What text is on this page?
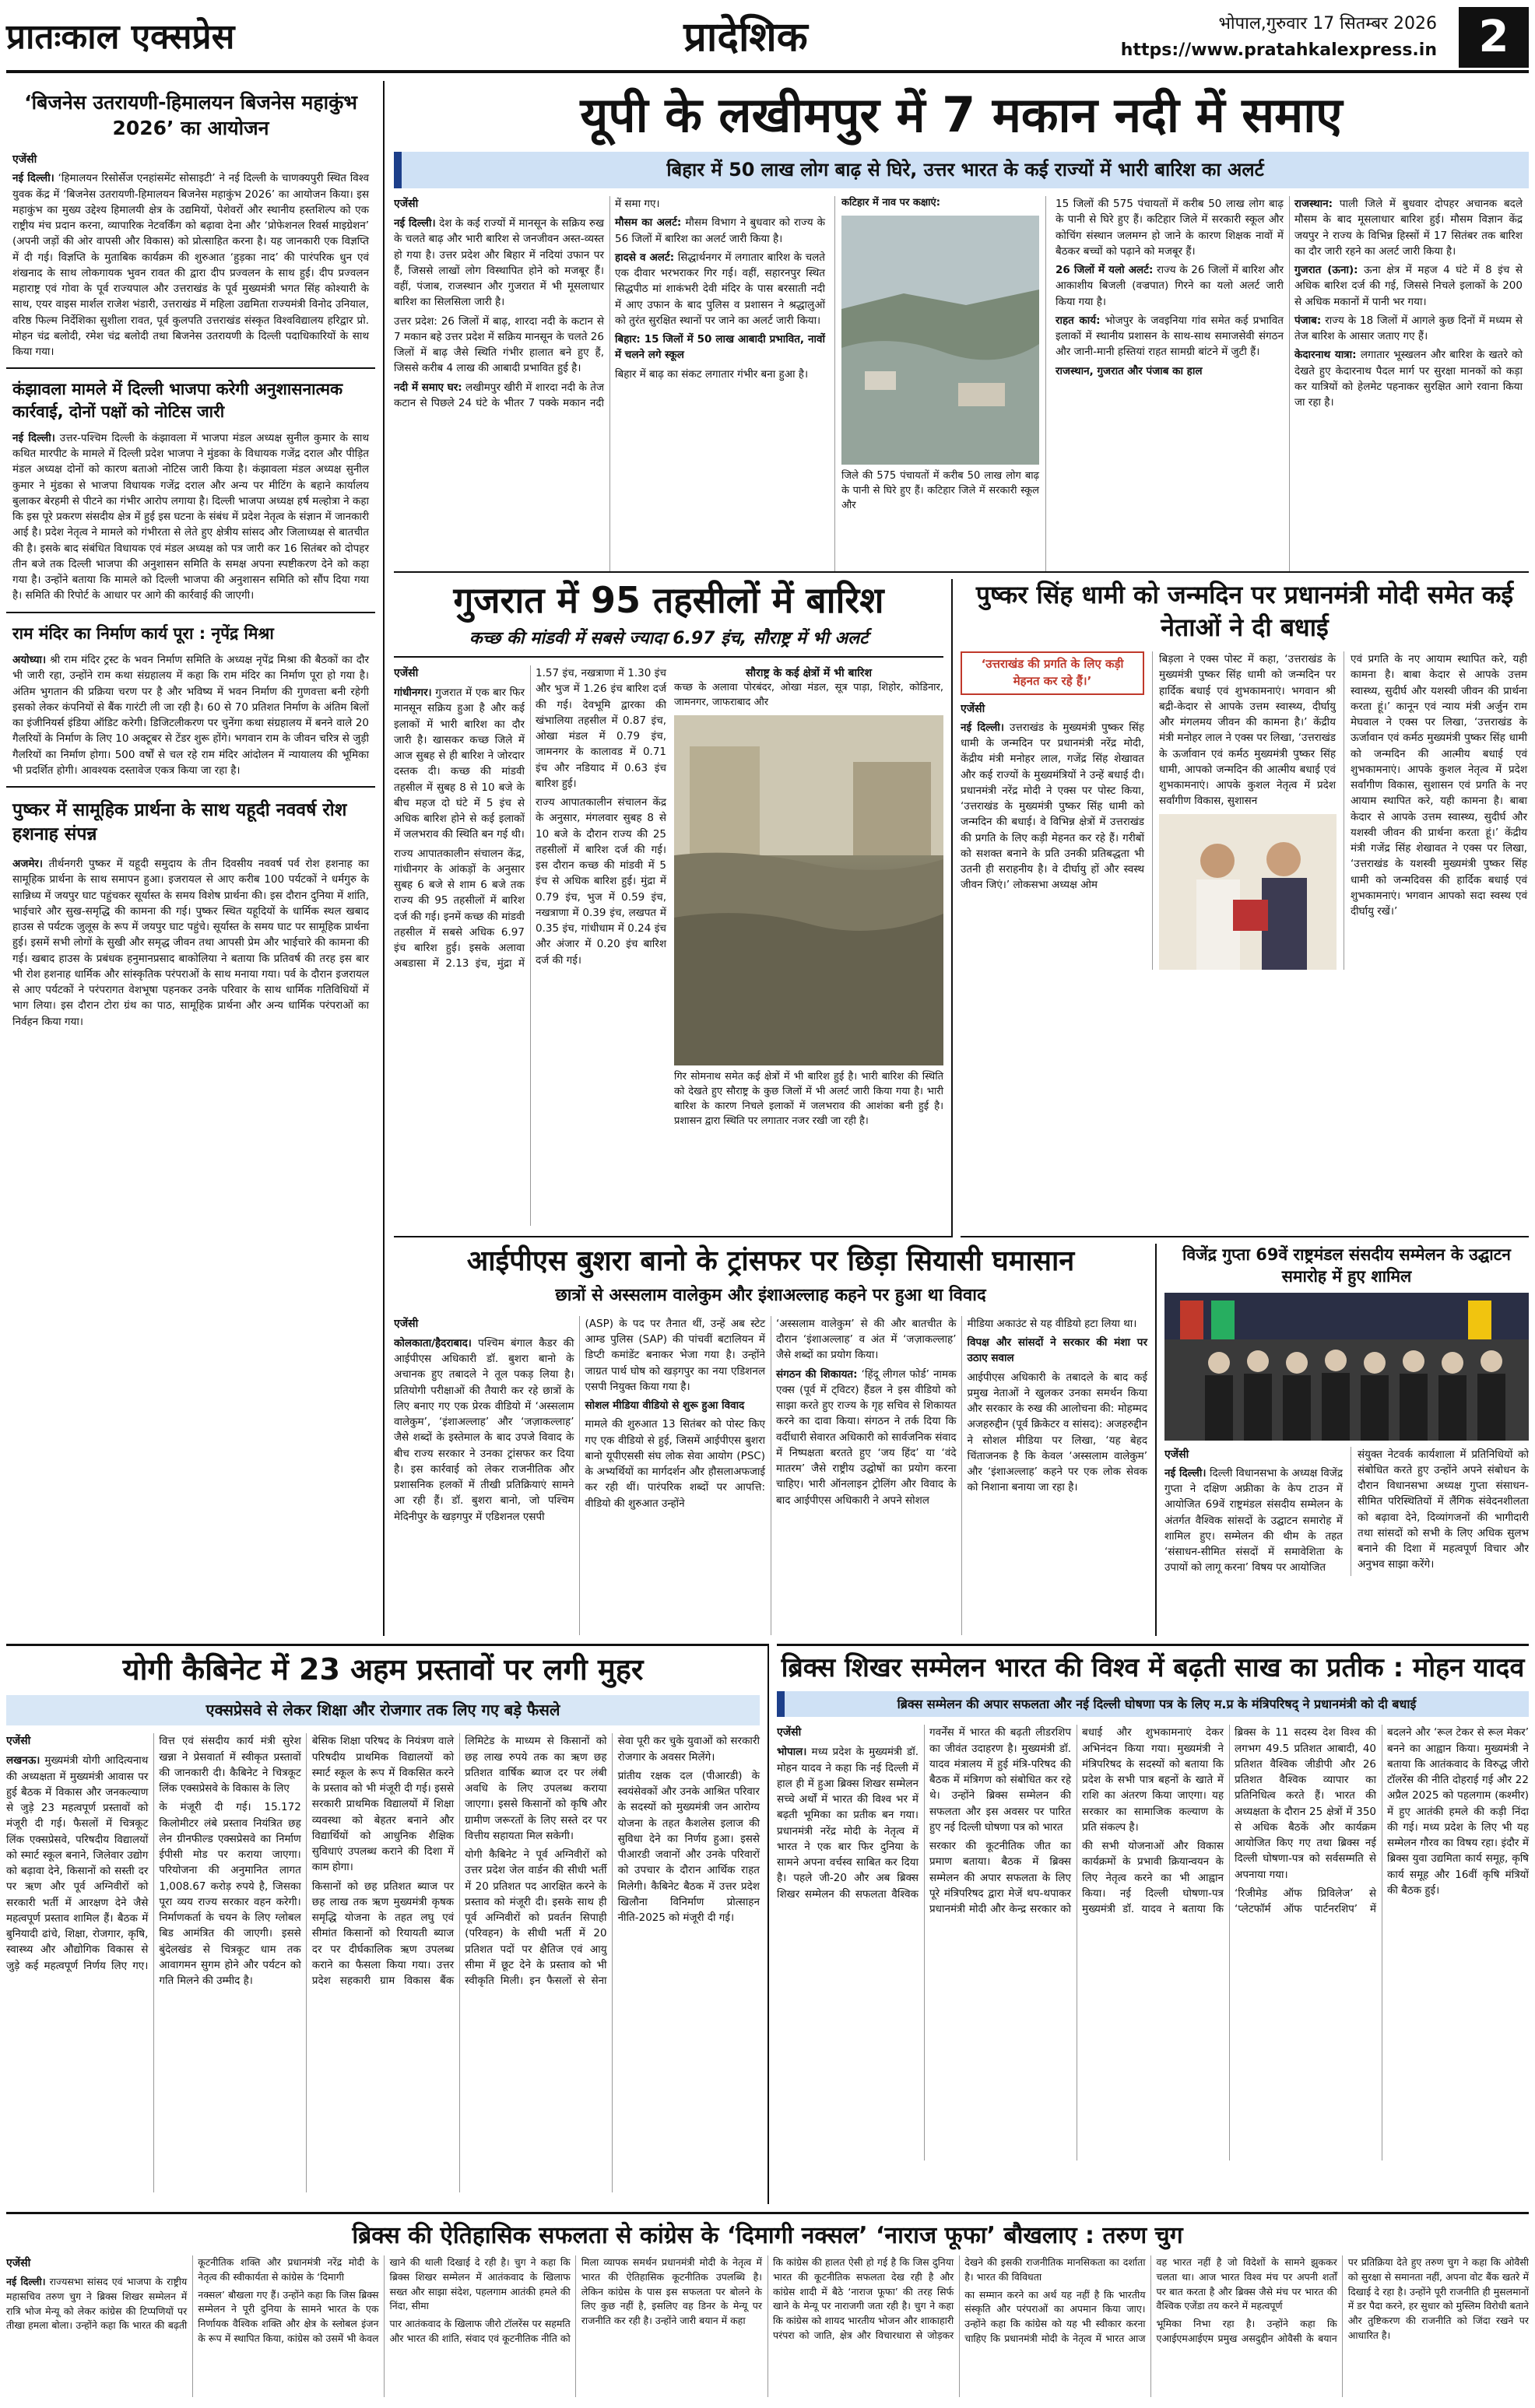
प्रातःकाल एक्सप्रेस	प्रादेशिक	भोपाल,गुरुवार 17 सितम्बर 2026
https://www.pratahkalexpress.in 2
‘बिजनेस उतरायणी-हिमालयन बिजनेस महाकुंभ 2026’ का आयोजन
एजेंसी

नई दिल्ली। ‘हिमालयन रिसोर्सेज एनहांसमेंट सोसाइटी’ ने नई दिल्ली के चाणक्यपुरी स्थित विश्व युवक केंद्र में ‘बिजनेस उतरायणी-हिमालयन बिजनेस महाकुंभ 2026’ का आयोजन किया। इस महाकुंभ का मुख्य उद्देश्य हिमालयी क्षेत्र के उद्यमियों, पेशेवरों और स्थानीय हस्तशिल्प को एक राष्ट्रीय मंच प्रदान करना, व्यापारिक नेटवर्किंग को बढ़ावा देना और ‘प्रोफेशनल रिवर्स माइग्रेशन’ (अपनी जड़ों की ओर वापसी और विकास) को प्रोत्साहित करना है। यह जानकारी एक विज्ञप्ति में दी गई। विज्ञप्ति के मुताबिक कार्यक्रम की शुरुआत ‘हुड़का नाद’ की पारंपरिक धुन एवं शंखनाद के साथ लोकगायक भुवन रावत की द्वारा दीप प्रज्वलन के साथ हुई। दीप प्रज्वलन महाराष्ट्र एवं गोवा के पूर्व राज्यपाल और उत्तराखंड के पूर्व मुख्यमंत्री भगत सिंह कोश्यारी के साथ, एयर वाइस मार्शल राजेश भंडारी, उत्तराखंड में महिला उद्यमिता राज्यमंत्री विनोद उनियाल, वरिष्ठ फिल्म निर्देशिका सुशीला रावत, पूर्व कुलपति उत्तराखंड संस्कृत विश्वविद्यालय हरिद्वार प्रो. मोहन चंद्र बलोदी, रमेश चंद्र बलोदी तथा बिजनेस उतरायणी के दिल्ली पदाधिकारियों के साथ किया गया।

कंझावला मामले में दिल्ली भाजपा करेगी अनुशासनात्मक कार्रवाई, दोनों पक्षों को नोटिस जारी

नई दिल्ली। उत्तर-पश्चिम दिल्ली के कंझावला में भाजपा मंडल अध्यक्ष सुनील कुमार के साथ कथित मारपीट के मामले में दिल्ली प्रदेश भाजपा ने मुंडका के विधायक गजेंद्र दराल और पीड़ित मंडल अध्यक्ष दोनों को कारण बताओ नोटिस जारी किया है। कंझावला मंडल अध्यक्ष सुनील कुमार ने मुंडका से भाजपा विधायक गजेंद्र दराल और अन्य पर मीटिंग के बहाने कार्यालय बुलाकर बेरहमी से पीटने का गंभीर आरोप लगाया है। दिल्ली भाजपा अध्यक्ष हर्ष मल्होत्रा ने कहा कि इस पूरे प्रकरण संसदीय क्षेत्र में हुई इस घटना के संबंध में प्रदेश नेतृत्व के संज्ञान में जानकारी आई है। प्रदेश नेतृत्व ने मामले को गंभीरता से लेते हुए क्षेत्रीय सांसद और जिलाध्यक्ष से बातचीत की है। इसके बाद संबंधित विधायक एवं मंडल अध्यक्ष को पत्र जारी कर 16 सितंबर को दोपहर तीन बजे तक दिल्ली भाजपा की अनुशासन समिति के समक्ष अपना स्पष्टीकरण देने को कहा गया है। उन्होंने बताया कि मामले को दिल्ली भाजपा की अनुशासन समिति को सौंप दिया गया है। समिति की रिपोर्ट के आधार पर आगे की कार्रवाई की जाएगी।

राम मंदिर का निर्माण कार्य पूरा : नृपेंद्र मिश्रा

अयोध्या। श्री राम मंदिर ट्रस्ट के भवन निर्माण समिति के अध्यक्ष नृपेंद्र मिश्रा की बैठकों का दौर भी जारी रहा, उन्होंने राम कथा संग्रहालय में कहा कि राम मंदिर का निर्माण पूरा हो गया है। अंतिम भुगतान की प्रक्रिया चरण पर है और भविष्य में भवन निर्माण की गुणवत्ता बनी रहेगी इसको लेकर कंपनियों से बैंक गारंटी ली जा रही है। 60 से 70 प्रतिशत निर्माण के अंतिम बिलों का इंजीनियर्स इंडिया ऑडिट करेगी। डिजिटलीकरण पर चुनेंगा कथा संग्रहालय में बनने वाले 20 गैलरियों के निर्माण के लिए 10 अक्टूबर से टेंडर शुरू होंगे। भगवान राम के जीवन चरित्र से जुड़ी गैलरियों का निर्माण होगा। 500 वर्षों से चल रहे राम मंदिर आंदोलन में न्यायालय की भूमिका भी प्रदर्शित होगी। आवश्यक दस्तावेज एकत्र किया जा रहा है।

पुष्कर में सामूहिक प्रार्थना के साथ यहूदी नववर्ष रोश हशनाह संपन्न

अजमेर। तीर्थनगरी पुष्कर में यहूदी समुदाय के तीन दिवसीय नववर्ष पर्व रोश हशनाह का सामूहिक प्रार्थना के साथ समापन हुआ। इजरायल से आए करीब 100 पर्यटकों ने धर्मगुरु के सान्निध्य में जयपुर घाट पहुंचकर सूर्यास्त के समय विशेष प्रार्थना की। इस दौरान दुनिया में शांति, भाईचारे और सुख-समृद्धि की कामना की गई। पुष्कर स्थित यहूदियों के धार्मिक स्थल खबाद हाउस से पर्यटक जुलूस के रूप में जयपुर घाट पहुंचे। सूर्यास्त के समय घाट पर सामूहिक प्रार्थना हुई। इसमें सभी लोगों के सुखी और समृद्ध जीवन तथा आपसी प्रेम और भाईचारे की कामना की गई। खबाद हाउस के प्रबंधक हनुमानप्रसाद बाकोलिया ने बताया कि प्रतिवर्ष की तरह इस बार भी रोश हशनाह धार्मिक और सांस्कृतिक परंपराओं के साथ मनाया गया। पर्व के दौरान इजरायल से आए पर्यटकों ने परंपरागत वेशभूषा पहनकर उनके परिवार के साथ धार्मिक गतिविधियों में भाग लिया। इस दौरान टोरा ग्रंथ का पाठ, सामूहिक प्रार्थना और अन्य धार्मिक परंपराओं का निर्वहन किया गया।

यूपी के लखीमपुर में 7 मकान नदी में समाए
बिहार में 50 लाख लोग बाढ़ से घिरे, उत्तर भारत के कई राज्यों में भारी बारिश का अलर्ट

एजेंसी

नई दिल्ली। देश के कई राज्यों में मानसून के सक्रिय रुख के चलते बाढ़ और भारी बारिश से जनजीवन अस्त-व्यस्त हो गया है। उत्तर प्रदेश और बिहार में नदियां उफान पर हैं, जिससे लाखों लोग विस्थापित होने को मजबूर हैं। वहीं, पंजाब, राजस्थान और गुजरात में भी मूसलाधार बारिश का सिलसिला जारी है।

उत्तर प्रदेश: 26 जिलों में बाढ़, शारदा नदी के कटान से 7 मकान बहे उत्तर प्रदेश में सक्रिय मानसून के चलते 26 जिलों में बाढ़ जैसे स्थिति गंभीर हालात बने हुए हैं, जिससे करीब 4 लाख की आबादी प्रभावित हुई है।

नदी में समाए घर: लखीमपुर खीरी में शारदा नदी के तेज कटान से पिछले 24 घंटे के भीतर 7 पक्के मकान नदी में समा गए।

मौसम का अलर्ट: मौसम विभाग ने बुधवार को राज्य के 56 जिलों में बारिश का अलर्ट जारी किया है।

हादसे व अलर्ट: सिद्धार्थनगर में लगातार बारिश के चलते एक दीवार भरभराकर गिर गई। वहीं, सहारनपुर स्थित सिद्धपीठ मां शाकंभरी देवी मंदिर के पास बरसाती नदी में आए उफान के बाद पुलिस व प्रशासन ने श्रद्धालुओं को तुरंत सुरक्षित स्थानों पर जाने का अलर्ट जारी किया।

बिहार: 15 जिलों में 50 लाख आबादी प्रभावित, नावों में चलने लगे स्कूल

बिहार में बाढ़ का संकट लगातार गंभीर बना हुआ है।

कटिहार में नाव पर कक्षाएं:

जिले की 575 पंचायतों में करीब 50 लाख लोग बाढ़ के पानी से घिरे हुए हैं। कटिहार जिले में सरकारी स्कूल और

15 जिलों की 575 पंचायतों में करीब 50 लाख लोग बाढ़ के पानी से घिरे हुए हैं। कटिहार जिले में सरकारी स्कूल और कोचिंग संस्थान जलमग्न हो जाने के कारण शिक्षक नावों में बैठकर बच्चों को पढ़ाने को मजबूर हैं।

26 जिलों में यलो अलर्ट: राज्य के 26 जिलों में बारिश और आकाशीय बिजली (वज्रपात) गिरने का यलो अलर्ट जारी किया गया है।

राहत कार्य: भोजपुर के जवइनिया गांव समेत कई प्रभावित इलाकों में स्थानीय प्रशासन के साथ-साथ समाजसेवी संगठन और जानी-मानी हस्तियां राहत सामग्री बांटने में जुटी हैं।

राजस्थान, गुजरात और पंजाब का हाल

राजस्थान: पाली जिले में बुधवार दोपहर अचानक बदले मौसम के बाद मूसलाधार बारिश हुई। मौसम विज्ञान केंद्र जयपुर ने राज्य के विभिन्न हिस्सों में 17 सितंबर तक बारिश का दौर जारी रहने का अलर्ट जारी किया है।

गुजरात (ऊना): ऊना क्षेत्र में महज 4 घंटे में 8 इंच से अधिक बारिश दर्ज की गई, जिससे निचले इलाकों के 200 से अधिक मकानों में पानी भर गया।

पंजाब: राज्य के 18 जिलों में आगले कुछ दिनों में मध्यम से तेज बारिश के आसार जताए गए हैं।

केदारनाथ यात्रा: लगातार भूस्खलन और बारिश के खतरे को देखते हुए केदारनाथ पैदल मार्ग पर सुरक्षा मानकों को कड़ा कर यात्रियों को हेलमेट पहनाकर सुरक्षित आगे रवाना किया जा रहा है।

गुजरात में 95 तहसीलों में बारिश
कच्छ की मांडवी में सबसे ज्यादा 6.97 इंच, सौराष्ट्र में भी अलर्ट

एजेंसी

गांधीनगर। गुजरात में एक बार फिर मानसून सक्रिय हुआ है और कई इलाकों में भारी बारिश का दौर जारी है। खासकर कच्छ जिले में आज सुबह से ही बारिश ने जोरदार दस्तक दी। कच्छ की मांडवी तहसील में सुबह 8 से 10 बजे के बीच महज दो घंटे में 5 इंच से अधिक बारिश होने से कई इलाकों में जलभराव की स्थिति बन गई थी।

राज्य आपातकालीन संचालन केंद्र, गांधीनगर के आंकड़ों के अनुसार सुबह 6 बजे से शाम 6 बजे तक राज्य की 95 तहसीलों में बारिश दर्ज की गई। इनमें कच्छ की मांडवी तहसील में सबसे अधिक 6.97 इंच बारिश हुई। इसके अलावा अबडासा में 2.13 इंच, मुंद्रा में 1.57 इंच, नखत्राणा में 1.30 इंच और भुज में 1.26 इंच बारिश दर्ज की गई। देवभूमि द्वारका की खंभालिया तहसील में 0.87 इंच, ओखा मंडल में 0.79 इंच, जामनगर के कालावड में 0.71 इंच और नडियाद में 0.63 इंच बारिश हुई।

राज्य आपातकालीन संचालन केंद्र के अनुसार, मंगलवार सुबह 8 से 10 बजे के दौरान राज्य की 25 तहसीलों में बारिश दर्ज की गई। इस दौरान कच्छ की मांडवी में 5 इंच से अधिक बारिश हुई। मुंद्रा में 0.79 इंच, भुज में 0.59 इंच, नखत्राणा में 0.39 इंच, लखपत में 0.35 इंच, गांधीधाम में 0.24 इंच और अंजार में 0.20 इंच बारिश दर्ज की गई।

सौराष्ट्र के कई क्षेत्रों में भी बारिश

कच्छ के अलावा पोरबंदर, ओखा मंडल, सूत्र पाड़ा, शिहोर, कोडिनार, जामनगर, जाफराबाद और

गिर सोमनाथ समेत कई क्षेत्रों में भी बारिश हुई है। भारी बारिश की स्थिति को देखते हुए सौराष्ट्र के कुछ जिलों में भी अलर्ट जारी किया गया है। भारी बारिश के कारण निचले इलाकों में जलभराव की आशंका बनी हुई है। प्रशासन द्वारा स्थिति पर लगातार नजर रखी जा रही है।

पुष्कर सिंह धामी को जन्मदिन पर प्रधानमंत्री मोदी समेत कई नेताओं ने दी बधाई
‘उत्तराखंड की प्रगति के लिए कड़ी मेहनत कर रहे हैं।’

एजेंसी

नई दिल्ली। उत्तराखंड के मुख्यमंत्री पुष्कर सिंह धामी के जन्मदिन पर प्रधानमंत्री नरेंद्र मोदी, केंद्रीय मंत्री मनोहर लाल, गजेंद्र सिंह शेखावत और कई राज्यों के मुख्यमंत्रियों ने उन्हें बधाई दी। प्रधानमंत्री नरेंद्र मोदी ने एक्स पर पोस्ट किया, ‘उत्तराखंड के मुख्यमंत्री पुष्कर सिंह धामी को जन्मदिन की बधाई। वे विभिन्न क्षेत्रों में उत्तराखंड की प्रगति के लिए कड़ी मेहनत कर रहे हैं। गरीबों को सशक्त बनाने के प्रति उनकी प्रतिबद्धता भी उतनी ही सराहनीय है। वे दीर्घायु हों और स्वस्थ जीवन जिएं।’ लोकसभा अध्यक्ष ओम

बिड़ला ने एक्स पोस्ट में कहा, ‘उत्तराखंड के मुख्यमंत्री पुष्कर सिंह धामी को जन्मदिन पर हार्दिक बधाई एवं शुभकामनाएं। भगवान श्री बद्री-केदार से आपके उत्तम स्वास्थ्य, दीर्घायु और मंगलमय जीवन की कामना है।’ केंद्रीय मंत्री मनोहर लाल ने एक्स पर लिखा, ‘उत्तराखंड के ऊर्जावान एवं कर्मठ मुख्यमंत्री पुष्कर सिंह धामी, आपको जन्मदिन की आत्मीय बधाई एवं शुभकामनाएं। आपके कुशल नेतृत्व में प्रदेश सर्वांगीण विकास, सुशासन

एवं प्रगति के नए आयाम स्थापित करे, यही कामना है। बाबा केदार से आपके उत्तम स्वास्थ्य, सुदीर्घ और यशस्वी जीवन की प्रार्थना करता हूं।’ कानून एवं न्याय मंत्री अर्जुन राम मेघवाल ने एक्स पर लिखा, ‘उत्तराखंड के ऊर्जावान एवं कर्मठ मुख्यमंत्री पुष्कर सिंह धामी को जन्मदिन की आत्मीय बधाई एवं शुभकामनाएं। आपके कुशल नेतृत्व में प्रदेश सर्वांगीण विकास, सुशासन एवं प्रगति के नए आयाम स्थापित करे, यही कामना है। बाबा केदार से आपके उत्तम स्वास्थ्य, सुदीर्घ और यशस्वी जीवन की प्रार्थना करता हूं।’ केंद्रीय मंत्री गजेंद्र सिंह शेखावत ने एक्स पर लिखा, ‘उत्तराखंड के यशस्वी मुख्यमंत्री पुष्कर सिंह धामी को जन्मदिवस की हार्दिक बधाई एवं शुभकामनाएं। भगवान आपको सदा स्वस्थ एवं दीर्घायु रखें।’

आईपीएस बुशरा बानो के ट्रांसफर पर छिड़ा सियासी घमासान
छात्रों से अस्सलाम वालेकुम और इंशाअल्लाह कहने पर हुआ था विवाद

एजेंसी

कोलकाता/हैदराबाद। पश्चिम बंगाल कैडर की आईपीएस अधिकारी डॉ. बुशरा बानो के अचानक हुए तबादले ने तूल पकड़ लिया है। प्रतियोगी परीक्षाओं की तैयारी कर रहे छात्रों के लिए बनाए गए एक प्रेरक वीडियो में ‘अस्सलाम वालेकुम’, ‘इंशाअल्लाह’ और ‘जज़ाकल्लाह’ जैसे शब्दों के इस्तेमाल के बाद उपजे विवाद के बीच राज्य सरकार ने उनका ट्रांसफर कर दिया है। इस कार्रवाई को लेकर राजनीतिक और प्रशासनिक हलकों में तीखी प्रतिक्रियाएं सामने आ रही हैं। डॉ. बुशरा बानो, जो पश्चिम मेदिनीपुर के खड़गपुर में एडिशनल एसपी

(ASP) के पद पर तैनात थीं, उन्हें अब स्टेट आम्ड पुलिस (SAP) की पांचवीं बटालियन में डिप्टी कमांडेंट बनाकर भेजा गया है। उन्होंने जाग्रत पार्थ घोष को खड़गपुर का नया एडिशनल एसपी नियुक्त किया गया है।

सोशल मीडिया वीडियो से शुरू हुआ विवाद

मामले की शुरुआत 13 सितंबर को पोस्ट किए गए एक वीडियो से हुई, जिसमें आईपीएस बुशरा बानो यूपीएससी संघ लोक सेवा आयोग (PSC) के अभ्यर्थियों का मार्गदर्शन और हौसलाअफजाई कर रही थीं। पारंपरिक शब्दों पर आपत्ति: वीडियो की शुरुआत उन्होंने

‘अस्सलाम वालेकुम’ से की और बातचीत के दौरान ‘इंशाअल्लाह’ व अंत में ‘जज़ाकल्लाह’ जैसे शब्दों का प्रयोग किया।

संगठन की शिकायत: ‘हिंदू लीगल फोर्ड’ नामक एक्स (पूर्व में ट्विटर) हैंडल ने इस वीडियो को साझा करते हुए राज्य के गृह सचिव से शिकायत करने का दावा किया। संगठन ने तर्क दिया कि वर्दीधारी सेवारत अधिकारी को सार्वजनिक संवाद में निष्पक्षता बरतते हुए ‘जय हिंद’ या ‘वंदे मातरम’ जैसे राष्ट्रीय उद्घोषों का प्रयोग करना चाहिए। भारी ऑनलाइन ट्रोलिंग और विवाद के बाद आईपीएस अधिकारी ने अपने सोशल

मीडिया अकाउंट से यह वीडियो हटा लिया था।

विपक्ष और सांसदों ने सरकार की मंशा पर उठाए सवाल

आईपीएस अधिकारी के तबादले के बाद कई प्रमुख नेताओं ने खुलकर उनका समर्थन किया और सरकार के रुख की आलोचना की: मोहम्मद अजहरुद्दीन (पूर्व क्रिकेटर व सांसद): अजहरुद्दीन ने सोशल मीडिया पर लिखा, ‘यह बेहद चिंताजनक है कि केवल ‘अस्सलाम वालेकुम’ और ‘इंशाअल्लाह’ कहने पर एक लोक सेवक को निशाना बनाया जा रहा है।

विजेंद्र गुप्ता 69वें राष्ट्रमंडल संसदीय सम्मेलन के उद्घाटन समारोह में हुए शामिल

एजेंसी

नई दिल्ली। दिल्ली विधानसभा के अध्यक्ष विजेंद्र गुप्ता ने दक्षिण अफ्रीका के केप टाउन में आयोजित 69वें राष्ट्रमंडल संसदीय सम्मेलन के अंतर्गत वैश्विक सांसदों के उद्घाटन समारोह में शामिल हुए। सम्मेलन की थीम के तहत ‘संसाधन-सीमित संसदों में समावेशिता के उपायों को लागू करना’ विषय पर आयोजित

संयुक्त नेटवर्क कार्यशाला में प्रतिनिधियों को संबोधित करते हुए उन्होंने अपने संबोधन के दौरान विधानसभा अध्यक्ष गुप्ता संसाधन-सीमित परिस्थितियों में लैंगिक संवेदनशीलता को बढ़ावा देने, दिव्यांगजनों की भागीदारी तथा सांसदों को सभी के लिए अधिक सुलभ बनाने की दिशा में महत्वपूर्ण विचार और अनुभव साझा करेंगे।

योगी कैबिनेट में 23 अहम प्रस्तावों पर लगी मुहर
एक्सप्रेसवे से लेकर शिक्षा और रोजगार तक लिए गए बड़े फैसले

एजेंसी

लखनऊ। मुख्यमंत्री योगी आदित्यनाथ की अध्यक्षता में मुख्यमंत्री आवास पर हुई बैठक में विकास और जनकल्याण से जुड़े 23 महत्वपूर्ण प्रस्तावों को मंजूरी दी गई। फैसलों में चित्रकूट लिंक एक्सप्रेसवे, परिषदीय विद्यालयों को स्मार्ट स्कूल बनाने, जिलेवार उद्योग को बढ़ावा देने, किसानों को सस्ती दर पर ऋण और पूर्व अग्निवीरों को सरकारी भर्ती में आरक्षण देने जैसे महत्वपूर्ण प्रस्ताव शामिल हैं। बैठक में बुनियादी ढांचे, शिक्षा, रोजगार, कृषि, स्वास्थ्य और औद्योगिक विकास से जुड़े कई महत्वपूर्ण निर्णय लिए गए। वित्त एवं संसदीय कार्य मंत्री सुरेश खन्ना ने प्रेसवार्ता में स्वीकृत प्रस्तावों की जानकारी दी। कैबिनेट ने चित्रकूट लिंक एक्सप्रेसवे के विकास के लिए

के मंजूरी दी गई। 15.172 किलोमीटर लंबे प्रस्ताव नियंत्रित छह लेन ग्रीनफील्ड एक्सप्रेसवे का निर्माण ईपीसी मोड पर कराया जाएगा। परियोजना की अनुमानित लागत 1,008.67 करोड़ रुपये है, जिसका पूरा व्यय राज्य सरकार वहन करेगी। निर्माणकर्ता के चयन के लिए ग्लोबल बिड आमंत्रित की जाएगी। इससे बुंदेलखंड से चित्रकूट धाम तक आवागमन सुगम होने और पर्यटन को गति मिलने की उम्मीद है।

बेसिक शिक्षा परिषद के नियंत्रण वाले परिषदीय प्राथमिक विद्यालयों को स्मार्ट स्कूल के रूप में विकसित करने के प्रस्ताव को भी मंजूरी दी गई। इससे सरकारी प्राथमिक विद्यालयों में शिक्षा व्यवस्था को बेहतर बनाने और विद्यार्थियों को आधुनिक शैक्षिक सुविधाएं उपलब्ध कराने की दिशा में काम होगा।

किसानों को छह प्रतिशत ब्याज पर छह लाख तक ऋण मुख्यमंत्री कृषक समृद्धि योजना के तहत लघु एवं सीमांत किसानों को रियायती ब्याज दर पर दीर्घकालिक ऋण उपलब्ध कराने का फैसला किया गया। उत्तर प्रदेश सहकारी ग्राम विकास बैंक लिमिटेड के माध्यम से किसानों को छह लाख रुपये तक का ऋण छह प्रतिशत वार्षिक ब्याज दर पर लंबी अवधि के लिए उपलब्ध कराया जाएगा। इससे किसानों को कृषि और ग्रामीण जरूरतों के लिए सस्ते दर पर वित्तीय सहायता मिल सकेगी।

योगी कैबिनेट ने पूर्व अग्निवीरों को उत्तर प्रदेश जेल वार्डन की सीधी भर्ती में 20 प्रतिशत पद आरक्षित करने के प्रस्ताव को मंजूरी दी। इसके साथ ही पूर्व अग्निवीरों को प्रवर्तन सिपाही (परिवहन) के सीधी भर्ती में 20 प्रतिशत पदों पर क्षैतिज एवं आयु सीमा में छूट देने के प्रस्ताव को भी स्वीकृति मिली। इन फैसलों से सेना सेवा पूरी कर चुके युवाओं को सरकारी रोजगार के अवसर मिलेंगे।

प्रांतीय रक्षक दल (पीआरडी) के स्वयंसेवकों और उनके आश्रित परिवार के सदस्यों को मुख्यमंत्री जन आरोग्य योजना के तहत कैशलेस इलाज की सुविधा देने का निर्णय हुआ। इससे पीआरडी जवानों और उनके परिवारों को उपचार के दौरान आर्थिक राहत मिलेगी। कैबिनेट बैठक में उत्तर प्रदेश खिलौना विनिर्माण प्रोत्साहन नीति-2025 को मंजूरी दी गई।

ब्रिक्स शिखर सम्मेलन भारत की विश्व में बढ़ती साख का प्रतीक : मोहन यादव
ब्रिक्स सम्मेलन की अपार सफलता और नई दिल्ली घोषणा पत्र के लिए म.प्र के मंत्रिपरिषद् ने प्रधानमंत्री को दी बधाई

एजेंसी

भोपाल। मध्य प्रदेश के मुख्यमंत्री डॉ. मोहन यादव ने कहा कि नई दिल्ली में हाल ही में हुआ ब्रिक्स शिखर सम्मेलन सच्चे अर्थों में भारत की विश्व भर में बढ़ती भूमिका का प्रतीक बन गया। प्रधानमंत्री नरेंद्र मोदी के नेतृत्व में भारत ने एक बार फिर दुनिया के सामने अपना वर्चस्व साबित कर दिया है। पहले जी-20 और अब ब्रिक्स शिखर सम्मेलन की सफलता वैश्विक गवर्नेंस में भारत की बढ़ती लीडरशिप का जीवंत उदाहरण है। मुख्यमंत्री डॉ. यादव मंत्रालय में हुई मंत्रि-परिषद की बैठक में मंत्रिगण को संबोधित कर रहे थे। उन्होंने ब्रिक्स सम्मेलन की सफलता और इस अवसर पर पारित हुए नई दिल्ली घोषणा पत्र को भारत

सरकार की कूटनीतिक जीत का प्रमाण बताया। बैठक में ब्रिक्स सम्मेलन की अपार सफलता के लिए पूरे मंत्रिपरिषद द्वारा मेजें थप-थपाकर प्रधानमंत्री मोदी और केन्द्र सरकार को बधाई और शुभकामनाएं देकर अभिनंदन किया गया। मुख्यमंत्री ने मंत्रिपरिषद के सदस्यों को बताया कि प्रदेश के सभी पात्र बहनों के खाते में राशि का अंतरण किया जाएगा। यह सरकार का सामाजिक कल्याण के प्रति संकल्प है।

की सभी योजनाओं और विकास कार्यक्रमों के प्रभावी क्रियान्वयन के लिए नेतृत्व करने का भी आह्वान किया। नई दिल्ली घोषणा-पत्र मुख्यमंत्री डॉ. यादव ने बताया कि ब्रिक्स के 11 सदस्य देश विश्व की लगभग 49.5 प्रतिशत आबादी, 40 प्रतिशत वैश्विक जीडीपी और 26 प्रतिशत वैश्विक व्यापार का प्रतिनिधित्व करते हैं। भारत की अध्यक्षता के दौरान 25 क्षेत्रों में 350 से अधिक बैठकें और कार्यक्रम आयोजित किए गए तथा ब्रिक्स नई दिल्ली घोषणा-पत्र को सर्वसम्मति से अपनाया गया।

‘रिजीमेड ऑफ प्रिविलेज’ से ‘प्लेटफॉर्म ऑफ पार्टनरशिप’ में बदलने और ‘रूल टेकर से रूल मेकर’ बनने का आह्वान किया। मुख्यमंत्री ने बताया कि आतंकवाद के विरुद्ध जीरो टॉलरेंस की नीति दोहराई गई और 22 अप्रैल 2025 को पहलगाम (कश्मीर) में हुए आतंकी हमले की कड़ी निंदा की गई। मध्य प्रदेश के लिए भी यह सम्मेलन गौरव का विषय रहा। इंदौर में ब्रिक्स युवा उद्यमिता कार्य समूह, कृषि कार्य समूह और 16वीं कृषि मंत्रियों की बैठक हुई।

ब्रिक्स की ऐतिहासिक सफलता से कांग्रेस के ‘दिमागी नक्सल’ ‘नाराज फूफा’ बौखलाए : तरुण चुग

एजेंसी

नई दिल्ली। राज्यसभा सांसद एवं भाजपा के राष्ट्रीय महासचिव तरुण चुग ने ब्रिक्स शिखर सम्मेलन में रात्रि भोज मेन्यू को लेकर कांग्रेस की टिप्पणियों पर तीखा हमला बोला। उन्होंने कहा कि भारत की बढ़ती कूटनीतिक शक्ति और प्रधानमंत्री नरेंद्र मोदी के नेतृत्व की स्वीकार्यता से कांग्रेस के ‘दिमागी

नक्सल’ बौखला गए हैं। उन्होंने कहा कि जिस ब्रिक्स सम्मेलन ने पूरी दुनिया के सामने भारत के एक निर्णायक वैश्विक शक्ति और क्षेत्र के स्लोबल इंजन के रूप में स्थापित किया, कांग्रेस को उसमें भी केवल खाने की थाली दिखाई दे रही है। चुग ने कहा कि ब्रिक्स शिखर सम्मेलन में आतंकवाद के खिलाफ सख्त और साझा संदेश, पहलगाम आतंकी हमले की निंदा, सीमा

पार आतंकवाद के खिलाफ जीरो टॉलरेंस पर सहमति और भारत की शांति, संवाद एवं कूटनीतिक नीति को मिला व्यापक समर्थन प्रधानमंत्री मोदी के नेतृत्व में भारत की ऐतिहासिक कूटनीतिक उपलब्धि है। लेकिन कांग्रेस के पास इस सफलता पर बोलने के लिए कुछ नहीं है, इसलिए वह डिनर के मेन्यू पर राजनीति कर रही है। उन्होंने जारी बयान में कहा

कि कांग्रेस की हालत ऐसी हो गई है कि जिस दुनिया भारत की कूटनीतिक सफलता देख रही है और कांग्रेस शादी में बैठे ‘नाराज फूफा’ की तरह सिर्फ खाने के मेन्यू पर नाराजगी जता रही है। चुग ने कहा कि कांग्रेस को शायद भारतीय भोजन और शाकाहारी परंपरा को जाति, क्षेत्र और विचारधारा से जोड़कर देखने की इसकी राजनीतिक मानसिकता का दर्शाता है। भारत की विविधता

का सम्मान करने का अर्थ यह नहीं है कि भारतीय संस्कृति और परंपराओं का अपमान किया जाए। उन्होंने कहा कि कांग्रेस को यह भी स्वीकार करना चाहिए कि प्रधानमंत्री मोदी के नेतृत्व में भारत आज वह भारत नहीं है जो विदेशों के सामने झुककर चलता था। आज भारत विश्व मंच पर अपनी शर्तों पर बात करता है और ब्रिक्स जैसे मंच पर भारत की वैश्विक एजेंडा तय करने में महत्वपूर्ण

भूमिका निभा रहा है। उन्होंने कहा कि एआईएमआईएम प्रमुख असदुद्दीन ओवैसी के बयान पर प्रतिक्रिया देते हुए तरुण चुग ने कहा कि ओवैसी को सुरक्षा से समानता नहीं, अपना वोट बैंक खतरे में दिखाई दे रहा है। उन्होंने पूरी राजनीति ही मुसलमानों में डर पैदा करने, हर सुधार को मुस्लिम विरोधी बताने और तुष्टिकरण की राजनीति को जिंदा रखने पर आधारित है।
